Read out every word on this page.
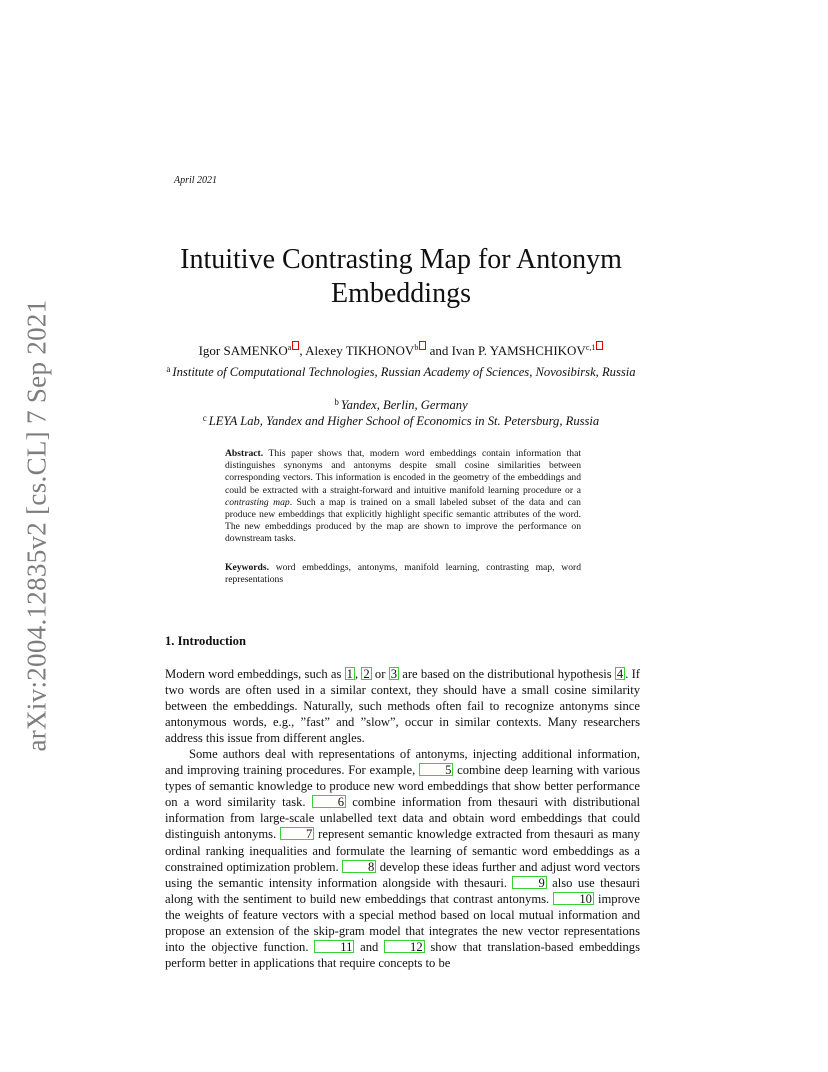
arXiv:2004.12835v2 [cs.CL] 7 Sep 2021
April 2021
Intuitive Contrasting Map for Antonym Embeddings
Igor SAMENKO$^a$ , Alexey TIKHONOV$^b$ and Ivan P. YAMSHCHIKOV$^{c,1}$
$^a$ Institute of Computational Technologies, Russian Academy of Sciences, Novosibirsk, Russia
$^b$ Yandex, Berlin, Germany
$^c$ LEYA Lab, Yandex and Higher School of Economics in St. Petersburg, Russia
Abstract. This paper shows that, modern word embeddings contain information that distinguishes synonyms and antonyms despite small cosine similarities between corresponding vectors. This information is encoded in the geometry of the embeddings and could be extracted with a straight-forward and intuitive manifold learning procedure or a contrasting map. Such a map is trained on a small labeled subset of the data and can produce new embeddings that explicitly highlight specific semantic attributes of the word. The new embeddings produced by the map are shown to improve the performance on downstream tasks.
Keywords. word embeddings, antonyms, manifold learning, contrasting map, word representations
1. Introduction

Modern word embeddings, such as 1 , 2 or 3 are based on the distributional hypothesis 4 . If two words are often used in a similar context, they should have a small cosine similarity between the embeddings. Naturally, such methods often fail to recognize antonyms since antonymous words, e.g., ”fast” and ”slow”, occur in similar contexts. Many researchers address this issue from different angles.

Some authors deal with representations of antonyms, injecting additional information, and improving training procedures. For example, 5 combine deep learning with various types of semantic knowledge to produce new word embeddings that show better performance on a word similarity task. 6 combine information from thesauri with distributional information from large-scale unlabelled text data and obtain word embeddings that could distinguish antonyms. 7 represent semantic knowledge extracted from thesauri as many ordinal ranking inequalities and formulate the learning of semantic word embeddings as a constrained optimization problem. 8 develop these ideas further and adjust word vectors using the semantic intensity information alongside with thesauri. 9 also use thesauri along with the sentiment to build new embeddings that contrast antonyms. 10 improve the weights of feature vectors with a special method based on local mutual information and propose an extension of the skip-gram model that integrates the new vector representations into the objective function. 11 and 12 show that translation-based embeddings perform better in applications that require concepts to be
